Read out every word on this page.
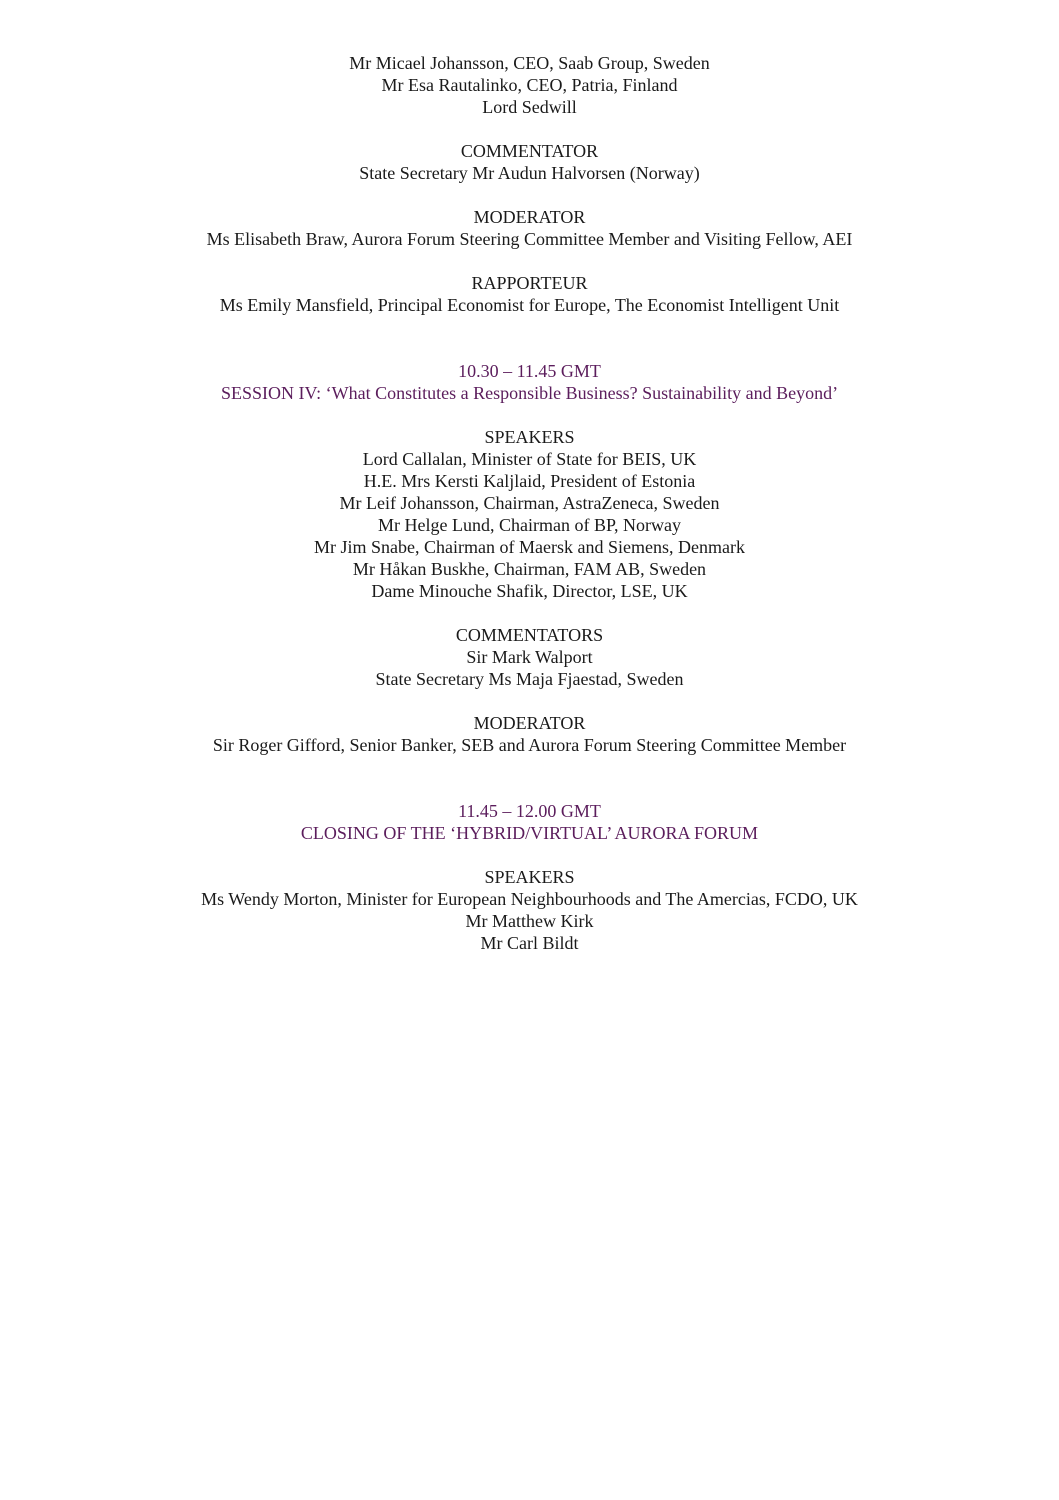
Mr Micael Johansson, CEO, Saab Group, Sweden
Mr Esa Rautalinko, CEO, Patria, Finland
Lord Sedwill
COMMENTATOR
State Secretary Mr Audun Halvorsen (Norway)
MODERATOR
Ms Elisabeth Braw, Aurora Forum Steering Committee Member and Visiting Fellow, AEI
RAPPORTEUR
Ms Emily Mansfield, Principal Economist for Europe, The Economist Intelligent Unit
10.30 – 11.45 GMT
SESSION IV: ‘What Constitutes a Responsible Business? Sustainability and Beyond’
SPEAKERS
Lord Callalan, Minister of State for BEIS, UK
H.E. Mrs Kersti Kaljlaid, President of Estonia
Mr Leif Johansson, Chairman, AstraZeneca, Sweden
Mr Helge Lund, Chairman of BP, Norway
Mr Jim Snabe, Chairman of Maersk and Siemens, Denmark
Mr Håkan Buskhe, Chairman, FAM AB, Sweden
Dame Minouche Shafik, Director, LSE, UK
COMMENTATORS
Sir Mark Walport
State Secretary Ms Maja Fjaestad, Sweden
MODERATOR
Sir Roger Gifford, Senior Banker, SEB and Aurora Forum Steering Committee Member
11.45 – 12.00 GMT
CLOSING OF THE ‘HYBRID/VIRTUAL’ AURORA FORUM
SPEAKERS
Ms Wendy Morton, Minister for European Neighbourhoods and The Amercias, FCDO, UK
Mr Matthew Kirk
Mr Carl Bildt
